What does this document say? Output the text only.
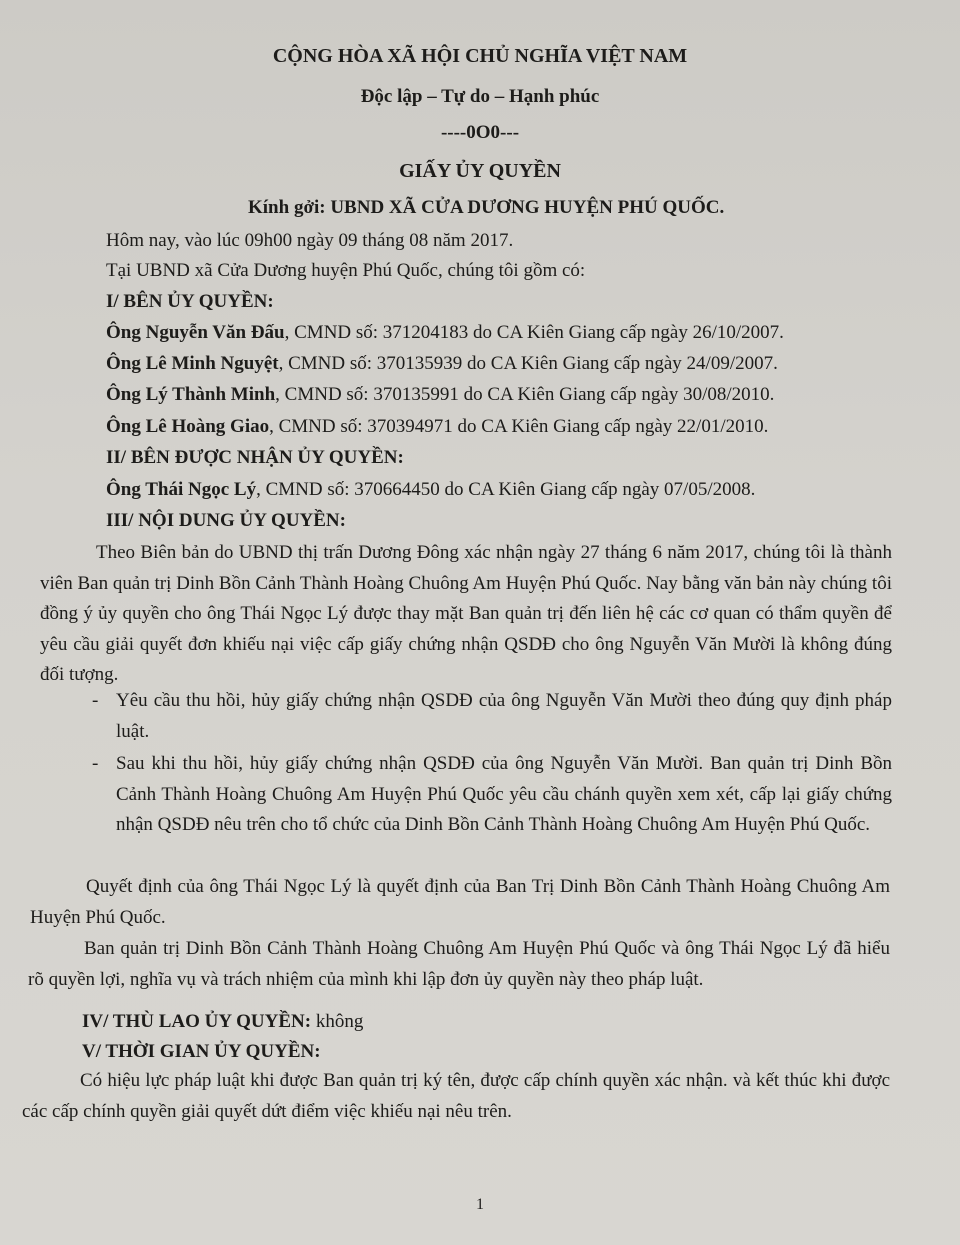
CỘNG HÒA XÃ HỘI CHỦ NGHĨA VIỆT NAM
Độc lập – Tự do – Hạnh phúc
----0O0---
GIẤY ỦY QUYỀN
Kính gởi: UBND XÃ CỬA DƯƠNG HUYỆN PHÚ QUỐC.
Hôm nay, vào lúc 09h00 ngày 09 tháng 08 năm 2017.
Tại UBND xã Cửa Dương huyện Phú Quốc, chúng tôi gồm có:
I/ BÊN ỦY QUYỀN:
Ông Nguyễn Văn Đấu, CMND số: 371204183 do CA Kiên Giang cấp ngày 26/10/2007.
Ông Lê Minh Nguyệt, CMND số: 370135939 do CA Kiên Giang cấp ngày 24/09/2007.
Ông Lý Thành Minh, CMND số: 370135991 do CA Kiên Giang cấp ngày 30/08/2010.
Ông Lê Hoàng Giao, CMND số: 370394971 do CA Kiên Giang cấp ngày 22/01/2010.
II/ BÊN ĐƯỢC NHẬN ỦY QUYỀN:
Ông Thái Ngọc Lý, CMND số: 370664450 do CA Kiên Giang cấp ngày 07/05/2008.
III/ NỘI DUNG ỦY QUYỀN:
Theo Biên bản do UBND thị trấn Dương Đông xác nhận ngày 27 tháng 6 năm 2017, chúng tôi là thành viên Ban quản trị Dinh Bồn Cảnh Thành Hoàng Chuông Am Huyện Phú Quốc. Nay bằng văn bản này chúng tôi đồng ý ủy quyền cho ông Thái Ngọc Lý được thay mặt Ban quản trị đến liên hệ các cơ quan có thẩm quyền để yêu cầu giải quyết đơn khiếu nại việc cấp giấy chứng nhận QSDĐ cho ông Nguyễn Văn Mười là không đúng đối tượng.
- Yêu cầu thu hồi, hủy giấy chứng nhận QSDĐ của ông Nguyễn Văn Mười theo đúng quy định pháp luật.
- Sau khi thu hồi, hủy giấy chứng nhận QSDĐ của ông Nguyễn Văn Mười. Ban quản trị Dinh Bồn Cảnh Thành Hoàng Chuông Am Huyện Phú Quốc yêu cầu chánh quyền xem xét, cấp lại giấy chứng nhận QSDĐ nêu trên cho tổ chức của Dinh Bồn Cảnh Thành Hoàng Chuông Am Huyện Phú Quốc.
Quyết định của ông Thái Ngọc Lý là quyết định của Ban Trị Dinh Bồn Cảnh Thành Hoàng Chuông Am Huyện Phú Quốc.
Ban quản trị Dinh Bồn Cảnh Thành Hoàng Chuông Am Huyện Phú Quốc và ông Thái Ngọc Lý đã hiểu rõ quyền lợi, nghĩa vụ và trách nhiệm của mình khi lập đơn ủy quyền này theo pháp luật.
IV/ THÙ LAO ỦY QUYỀN: không
V/ THỜI GIAN ỦY QUYỀN:
Có hiệu lực pháp luật khi được Ban quản trị ký tên, được cấp chính quyền xác nhận. và kết thúc khi được các cấp chính quyền giải quyết dứt điểm việc khiếu nại nêu trên.
1
